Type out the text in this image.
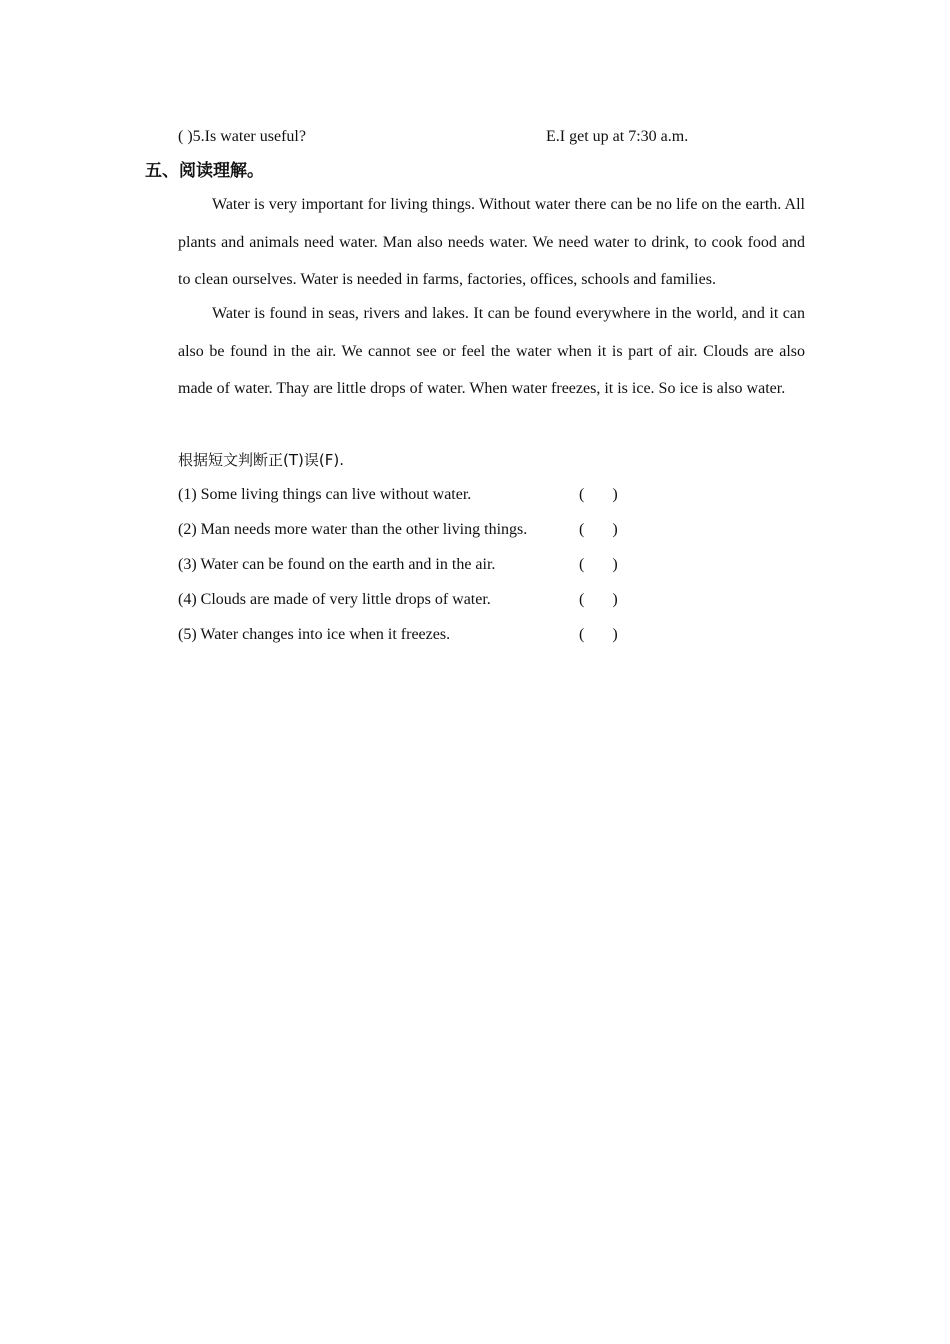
( )5.Is water useful?	E.I get up at 7:30 a.m.
五、阅读理解。

Water is very important for living things. Without water there can be no life on the earth. All plants and animals need water. Man also needs water. We need water to drink, to cook food and to clean ourselves. Water is needed in farms, factories, offices, schools and families.

Water is found in seas, rivers and lakes. It can be found everywhere in the world, and it can also be found in the air. We cannot see or feel the water when it is part of air. Clouds are also made of water. Thay are little drops of water. When water freezes, it is ice. So ice is also water.

根据短文判断正(T)误(F).
(1) Some living things can live without water.	(       )
(2) Man needs more water than the other living things.	(       )
(3) Water can be found on the earth and in the air.	(       )
(4) Clouds are made of very little drops of water.	(       )
(5) Water changes into ice when it freezes.	(       )
